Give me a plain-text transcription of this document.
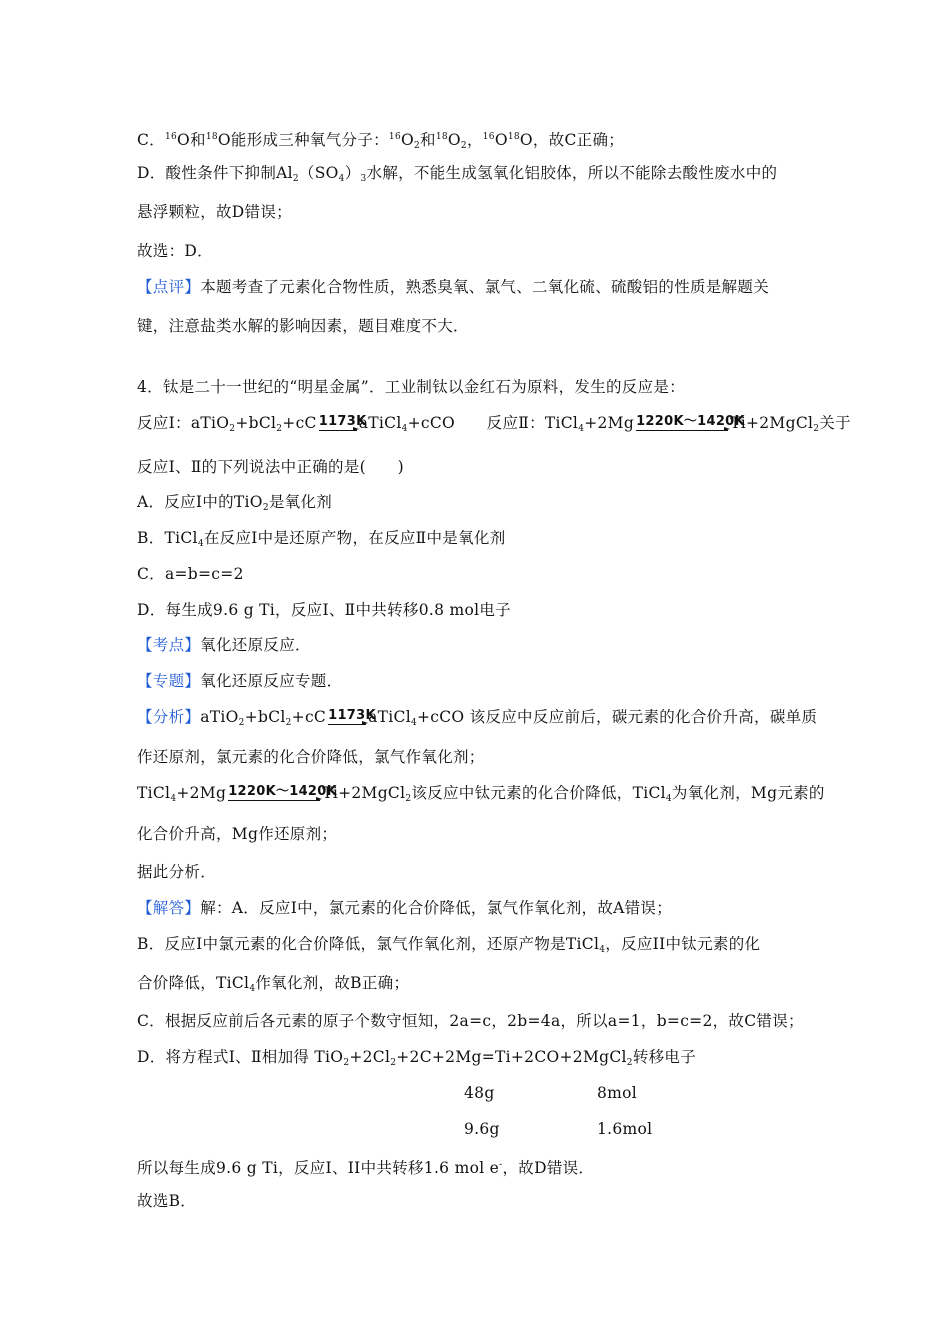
C．$^{16}$O和$^{18}$O能形成三种氧气分子：$^{16}O_2$和$^{18}O_2$，$^{16}O^{18}O$，故C正确；
D．酸性条件下抑制$Al_2(SO_4)_3$水解，不能生成氢氧化铝胶体，所以不能除去酸性废水中的
悬浮颗粒，故D错误；
故选：D．
【点评】本题考查了元素化合物性质，熟悉臭氧、氯气、二氧化硫、硫酸铝的性质是解题关
键，注意盐类水解的影响因素，题目难度不大．
4．钛是二十一世纪的“明星金属”．工业制钛以金红石为原料，发生的反应是：
反应Ⅰ：aTiO$_2$+bCl$_2$+cC 1173K
aTiCl$_4$+cCO　　反应Ⅱ：TiCl$_4$+2Mg 1220K～1420K
Ti+2MgCl$_2$关于
反应Ⅰ、Ⅱ的下列说法中正确的是(　　)
A．反应Ⅰ中的TiO$_2$是氧化剂
B．TiCl$_4$在反应Ⅰ中是还原产物，在反应Ⅱ中是氧化剂
C．a=b=c=2
D．每生成9.6 g Ti，反应Ⅰ、Ⅱ中共转移0.8 mol电子
【考点】氧化还原反应．
【专题】氧化还原反应专题．
【分析】aTiO$_2$+bCl$_2$+cC 1173K
aTiCl$_4$+cCO 该反应中反应前后，碳元素的化合价升高，碳单质
作还原剂，氯元素的化合价降低，氯气作氧化剂；
TiCl$_4$+2Mg 1220K～1420K
Ti+2MgCl$_2$该反应中钛元素的化合价降低，TiCl$_4$为氧化剂，Mg元素的
化合价升高，Mg作还原剂；
据此分析．
【解答】解：A．反应Ⅰ中，氯元素的化合价降低，氯气作氧化剂，故A错误；
B．反应Ⅰ中氯元素的化合价降低，氯气作氧化剂，还原产物是TiCl$_4$，反应II中钛元素的化
合价降低，TiCl$_4$作氧化剂，故B正确；
C．根据反应前后各元素的原子个数守恒知，2a=c，2b=4a，所以a=1，b=c=2，故C错误；
D．将方程式Ⅰ、Ⅱ相加得 $TiO_2+2Cl_2+2C+2Mg=Ti+2CO+2MgCl_2$转移电子
48g	8mol
9.6g	1.6mol
所以每生成9.6 g Ti，反应I、II中共转移1.6 mol e-，故D错误．
故选B．
